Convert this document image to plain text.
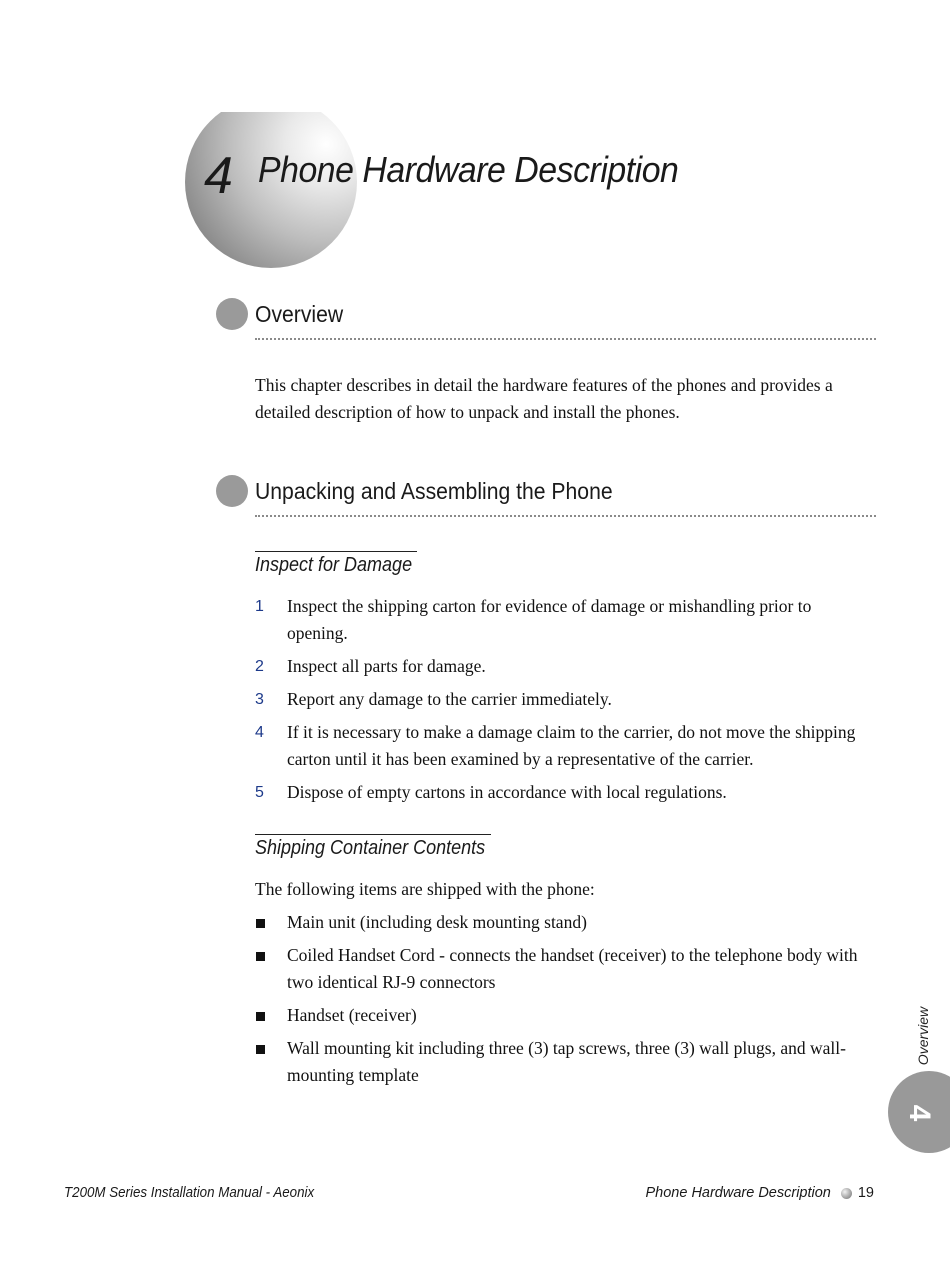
4 Phone Hardware Description
Overview
This chapter describes in detail the hardware features of the phones and provides a detailed description of how to unpack and install the phones.
Unpacking and Assembling the Phone
Inspect for Damage
1 Inspect the shipping carton for evidence of damage or mishandling prior to opening.
2 Inspect all parts for damage.
3 Report any damage to the carrier immediately.
4 If it is necessary to make a damage claim to the carrier, do not move the shipping carton until it has been examined by a representative of the carrier.
5 Dispose of empty cartons in accordance with local regulations.
Shipping Container Contents
The following items are shipped with the phone:
Main unit (including desk mounting stand)
Coiled Handset Cord - connects the handset (receiver) to the telephone body with two identical RJ-9 connectors
Handset (receiver)
Wall mounting kit including three (3) tap screws, three (3) wall plugs, and wall-mounting template
Overview
4
T200M Series Installation Manual - Aeonix	Phone Hardware Description 19
